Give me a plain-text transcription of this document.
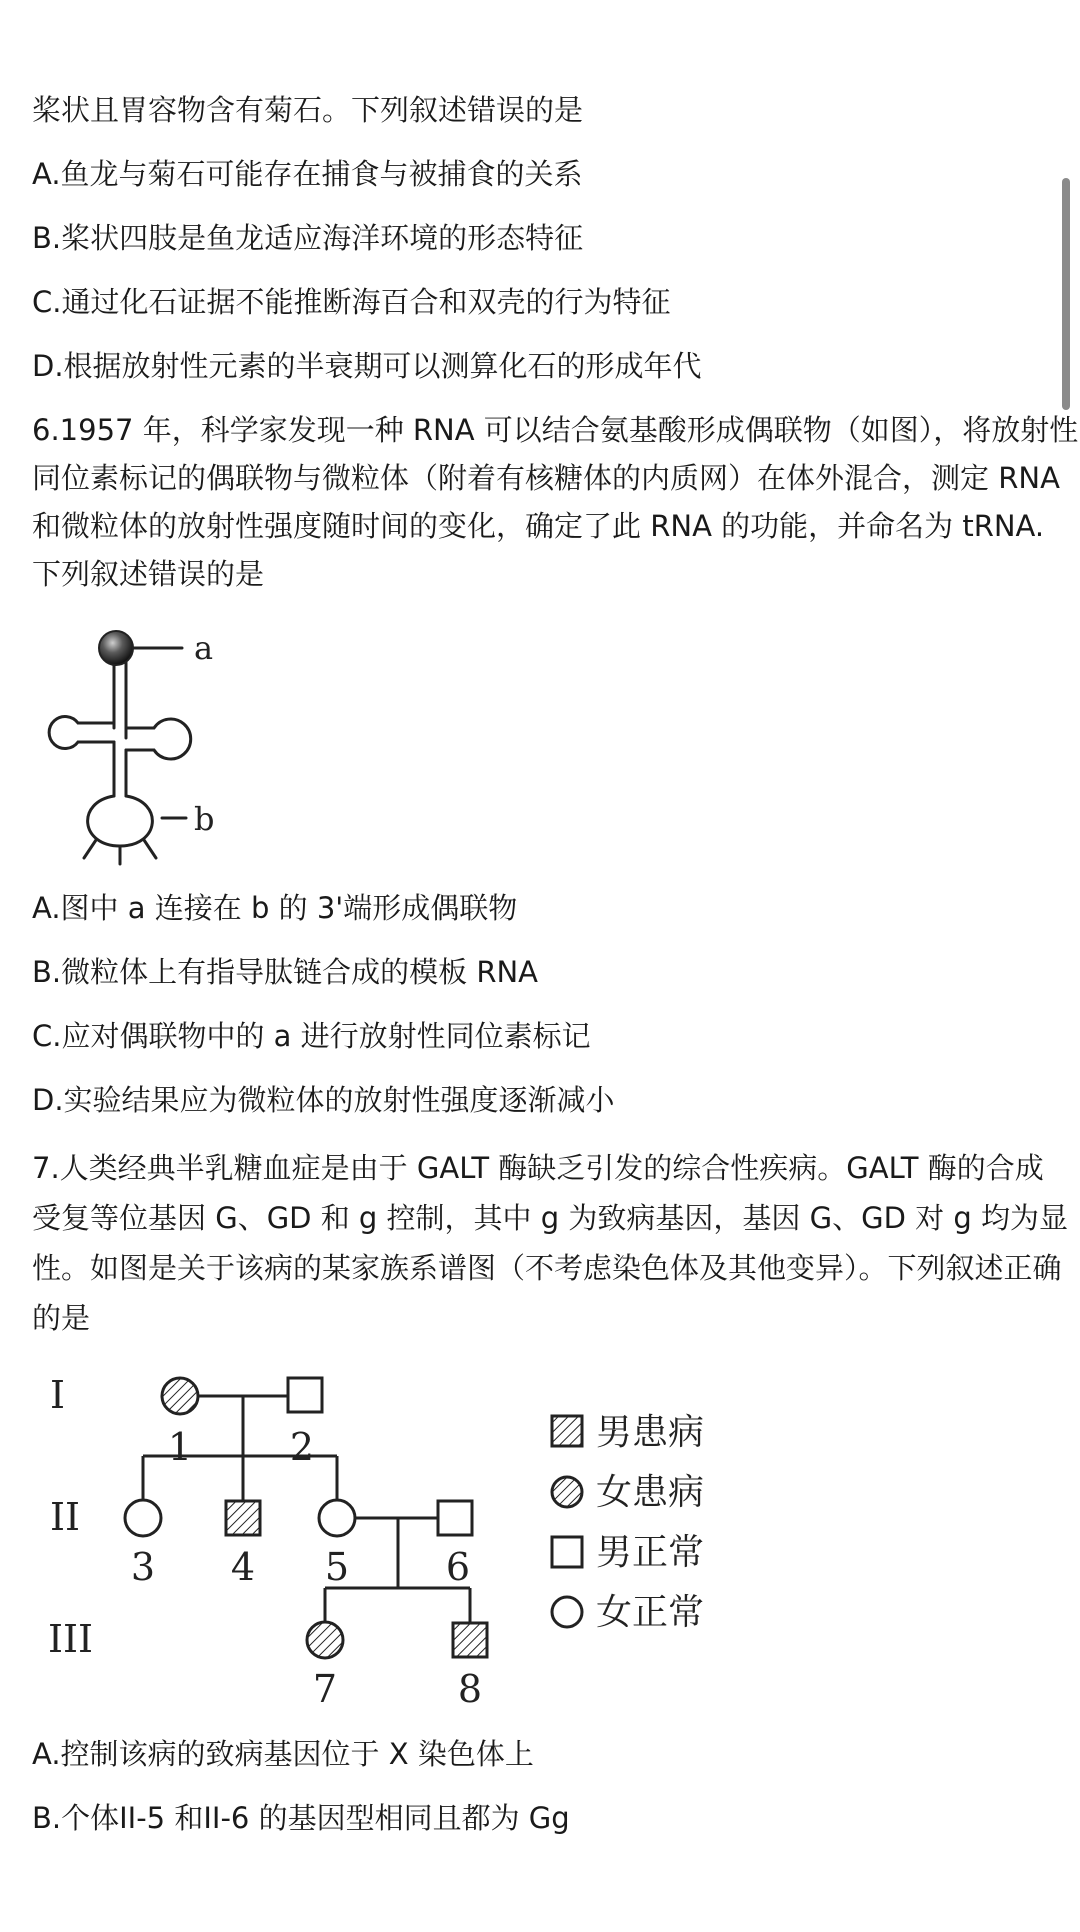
桨状且胃容物含有菊石。下列叙述错误的是

A.鱼龙与菊石可能存在捕食与被捕食的关系

B.桨状四肢是鱼龙适应海洋环境的形态特征

C.通过化石证据不能推断海百合和双壳的行为特征

D.根据放射性元素的半衰期可以测算化石的形成年代

6.1957 年，科学家发现一种 RNA 可以结合氨基酸形成偶联物（如图），将放射性

同位素标记的偶联物与微粒体（附着有核糖体的内质网）在体外混合，测定 RNA

和微粒体的放射性强度随时间的变化，确定了此 RNA 的功能，并命名为 tRNA.

下列叙述错误的是

a
b

A.图中 a 连接在 b 的 3'端形成偶联物

B.微粒体上有指导肽链合成的模板 RNA

C.应对偶联物中的 a 进行放射性同位素标记

D.实验结果应为微粒体的放射性强度逐渐减小

7.人类经典半乳糖血症是由于 GALT 酶缺乏引发的综合性疾病。GALT 酶的合成

受复等位基因 G、GD 和 g 控制，其中 g 为致病基因，基因 G、GD 对 g 均为显

性。如图是关于该病的某家族系谱图（不考虑染色体及其他变异）。下列叙述正确

的是

I
II
III
1	2
3 4 5	6
7	8
男患病
女患病
男正常
女正常

A.控制该病的致病基因位于 X 染色体上

B.个体II-5 和II-6 的基因型相同且都为 Gg
